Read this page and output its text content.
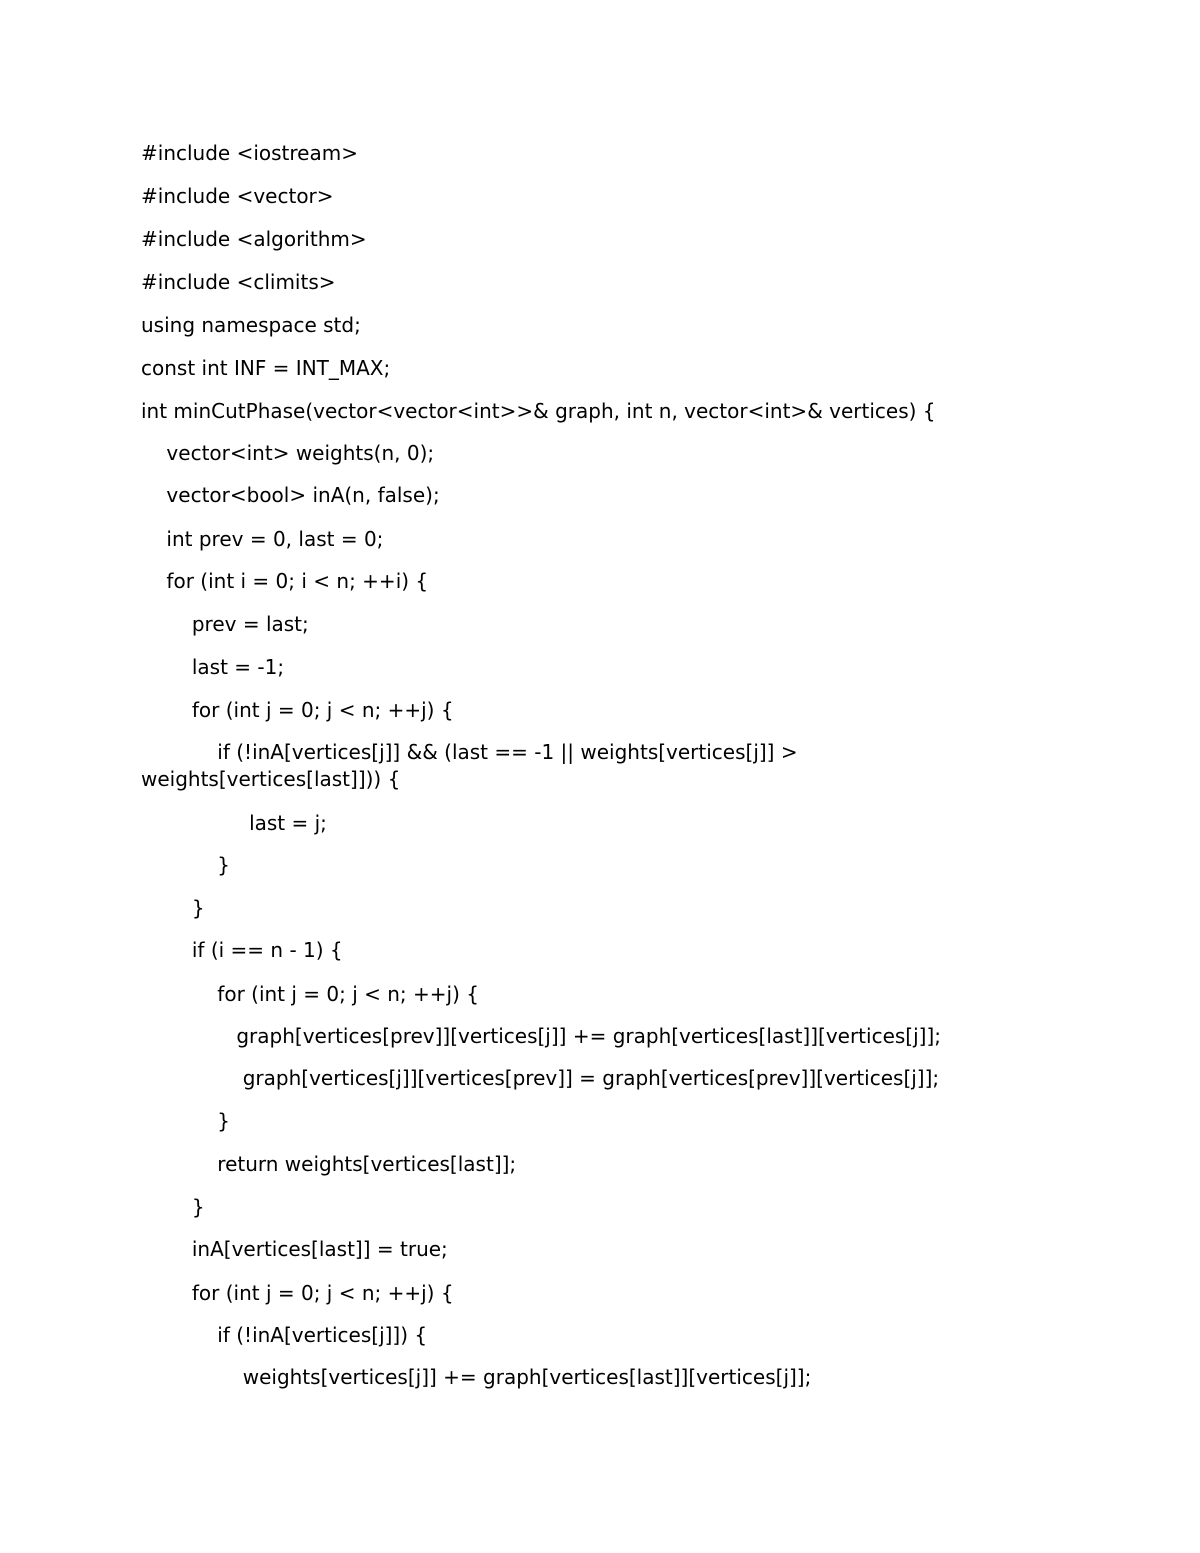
#include <iostream>
#include <vector>
#include <algorithm>
#include <climits>
using namespace std;
const int INF = INT_MAX;
int minCutPhase(vector<vector<int>>& graph, int n, vector<int>& vertices) {
vector<int> weights(n, 0);
vector<bool> inA(n, false);
int prev = 0, last = 0;
for (int i = 0; i < n; ++i) {
prev = last;
last = -1;
for (int j = 0; j < n; ++j) {
if (!inA[vertices[j]] && (last == -1 || weights[vertices[j]] > weights[vertices[last]])) {
last = j;
}
}
if (i == n - 1) {
for (int j = 0; j < n; ++j) {
graph[vertices[prev]][vertices[j]] += graph[vertices[last]][vertices[j]];
graph[vertices[j]][vertices[prev]] = graph[vertices[prev]][vertices[j]];
}
return weights[vertices[last]];
}
inA[vertices[last]] = true;
for (int j = 0; j < n; ++j) {
if (!inA[vertices[j]]) {
weights[vertices[j]] += graph[vertices[last]][vertices[j]];
